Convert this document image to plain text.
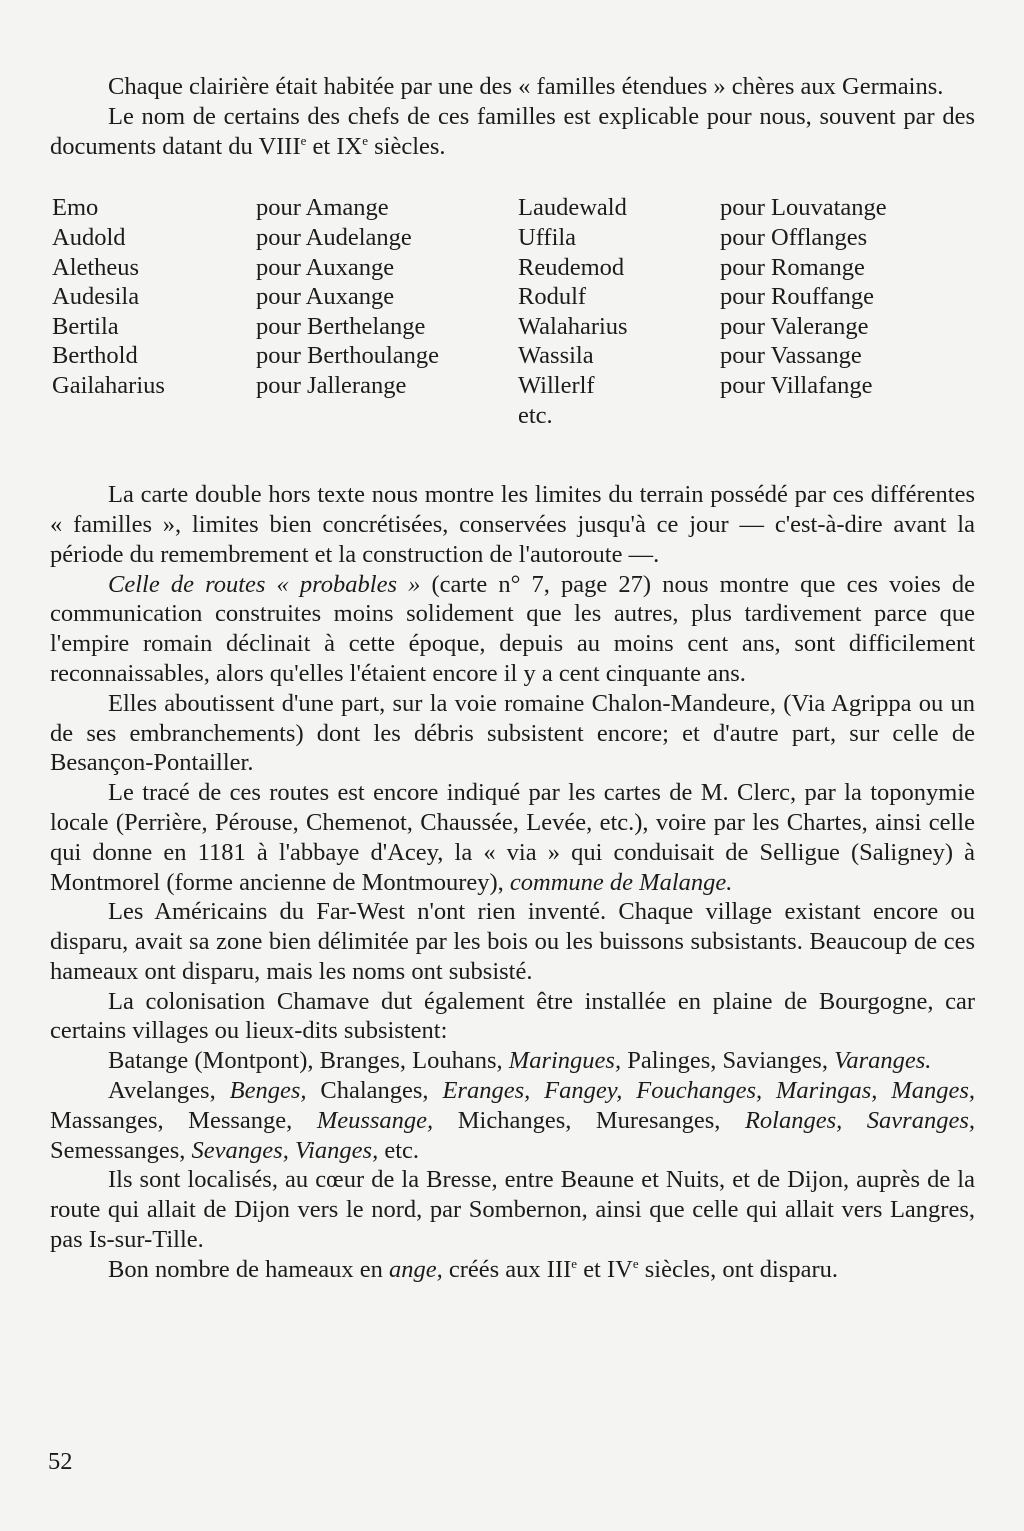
Chaque clairière était habitée par une des « familles étendues » chères aux Germains.

Le nom de certains des chefs de ces familles est explicable pour nous, souvent par des documents datant du VIIIe et IXe siècles.

Emo	pour Amange	Laudewald	pour Louvatange
Audold	pour Audelange	Uffila	pour Offlanges
Aletheus	pour Auxange	Reudemod	pour Romange
Audesila	pour Auxange	Rodulf	pour Rouffange
Bertila	pour Berthelange	Walaharius	pour Valerange
Berthold	pour Berthoulange	Wassila	pour Vassange
Gailaharius	pour Jallerange	Willerlf	pour Villafange
		etc.	

La carte double hors texte nous montre les limites du terrain possédé par ces différentes « familles », limites bien concrétisées, conservées jusqu'à ce jour — c'est-à-dire avant la période du remembrement et la construction de l'autoroute —.

Celle de routes « probables » (carte n° 7, page 27) nous montre que ces voies de communication construites moins solidement que les autres, plus tardivement parce que l'empire romain déclinait à cette époque, depuis au moins cent ans, sont difficilement reconnaissables, alors qu'elles l'étaient encore il y a cent cinquante ans.

Elles aboutissent d'une part, sur la voie romaine Chalon-Mandeure, (Via Agrippa ou un de ses embranchements) dont les débris subsistent encore; et d'autre part, sur celle de Besançon-Pontailler.

Le tracé de ces routes est encore indiqué par les cartes de M. Clerc, par la toponymie locale (Perrière, Pérouse, Chemenot, Chaussée, Levée, etc.), voire par les Chartes, ainsi celle qui donne en 1181 à l'abbaye d'Acey, la « via » qui conduisait de Selligue (Saligney) à Montmorel (forme ancienne de Montmourey), commune de Malange.

Les Américains du Far-West n'ont rien inventé. Chaque village existant encore ou disparu, avait sa zone bien délimitée par les bois ou les buissons subsistants. Beaucoup de ces hameaux ont disparu, mais les noms ont subsisté.

La colonisation Chamave dut également être installée en plaine de Bourgogne, car certains villages ou lieux-dits subsistent:

Batange (Montpont), Branges, Louhans, Maringues, Palinges, Savianges, Varanges.

Avelanges, Benges, Chalanges, Eranges, Fangey, Fouchanges, Maringas, Manges, Massanges, Messange, Meussange, Michanges, Muresanges, Rolanges, Savranges, Semessanges, Sevanges, Vianges, etc.

Ils sont localisés, au cœur de la Bresse, entre Beaune et Nuits, et de Dijon, auprès de la route qui allait de Dijon vers le nord, par Sombernon, ainsi que celle qui allait vers Langres, pas Is-sur-Tille.

Bon nombre de hameaux en ange, créés aux IIIe et IVe siècles, ont disparu.

52
